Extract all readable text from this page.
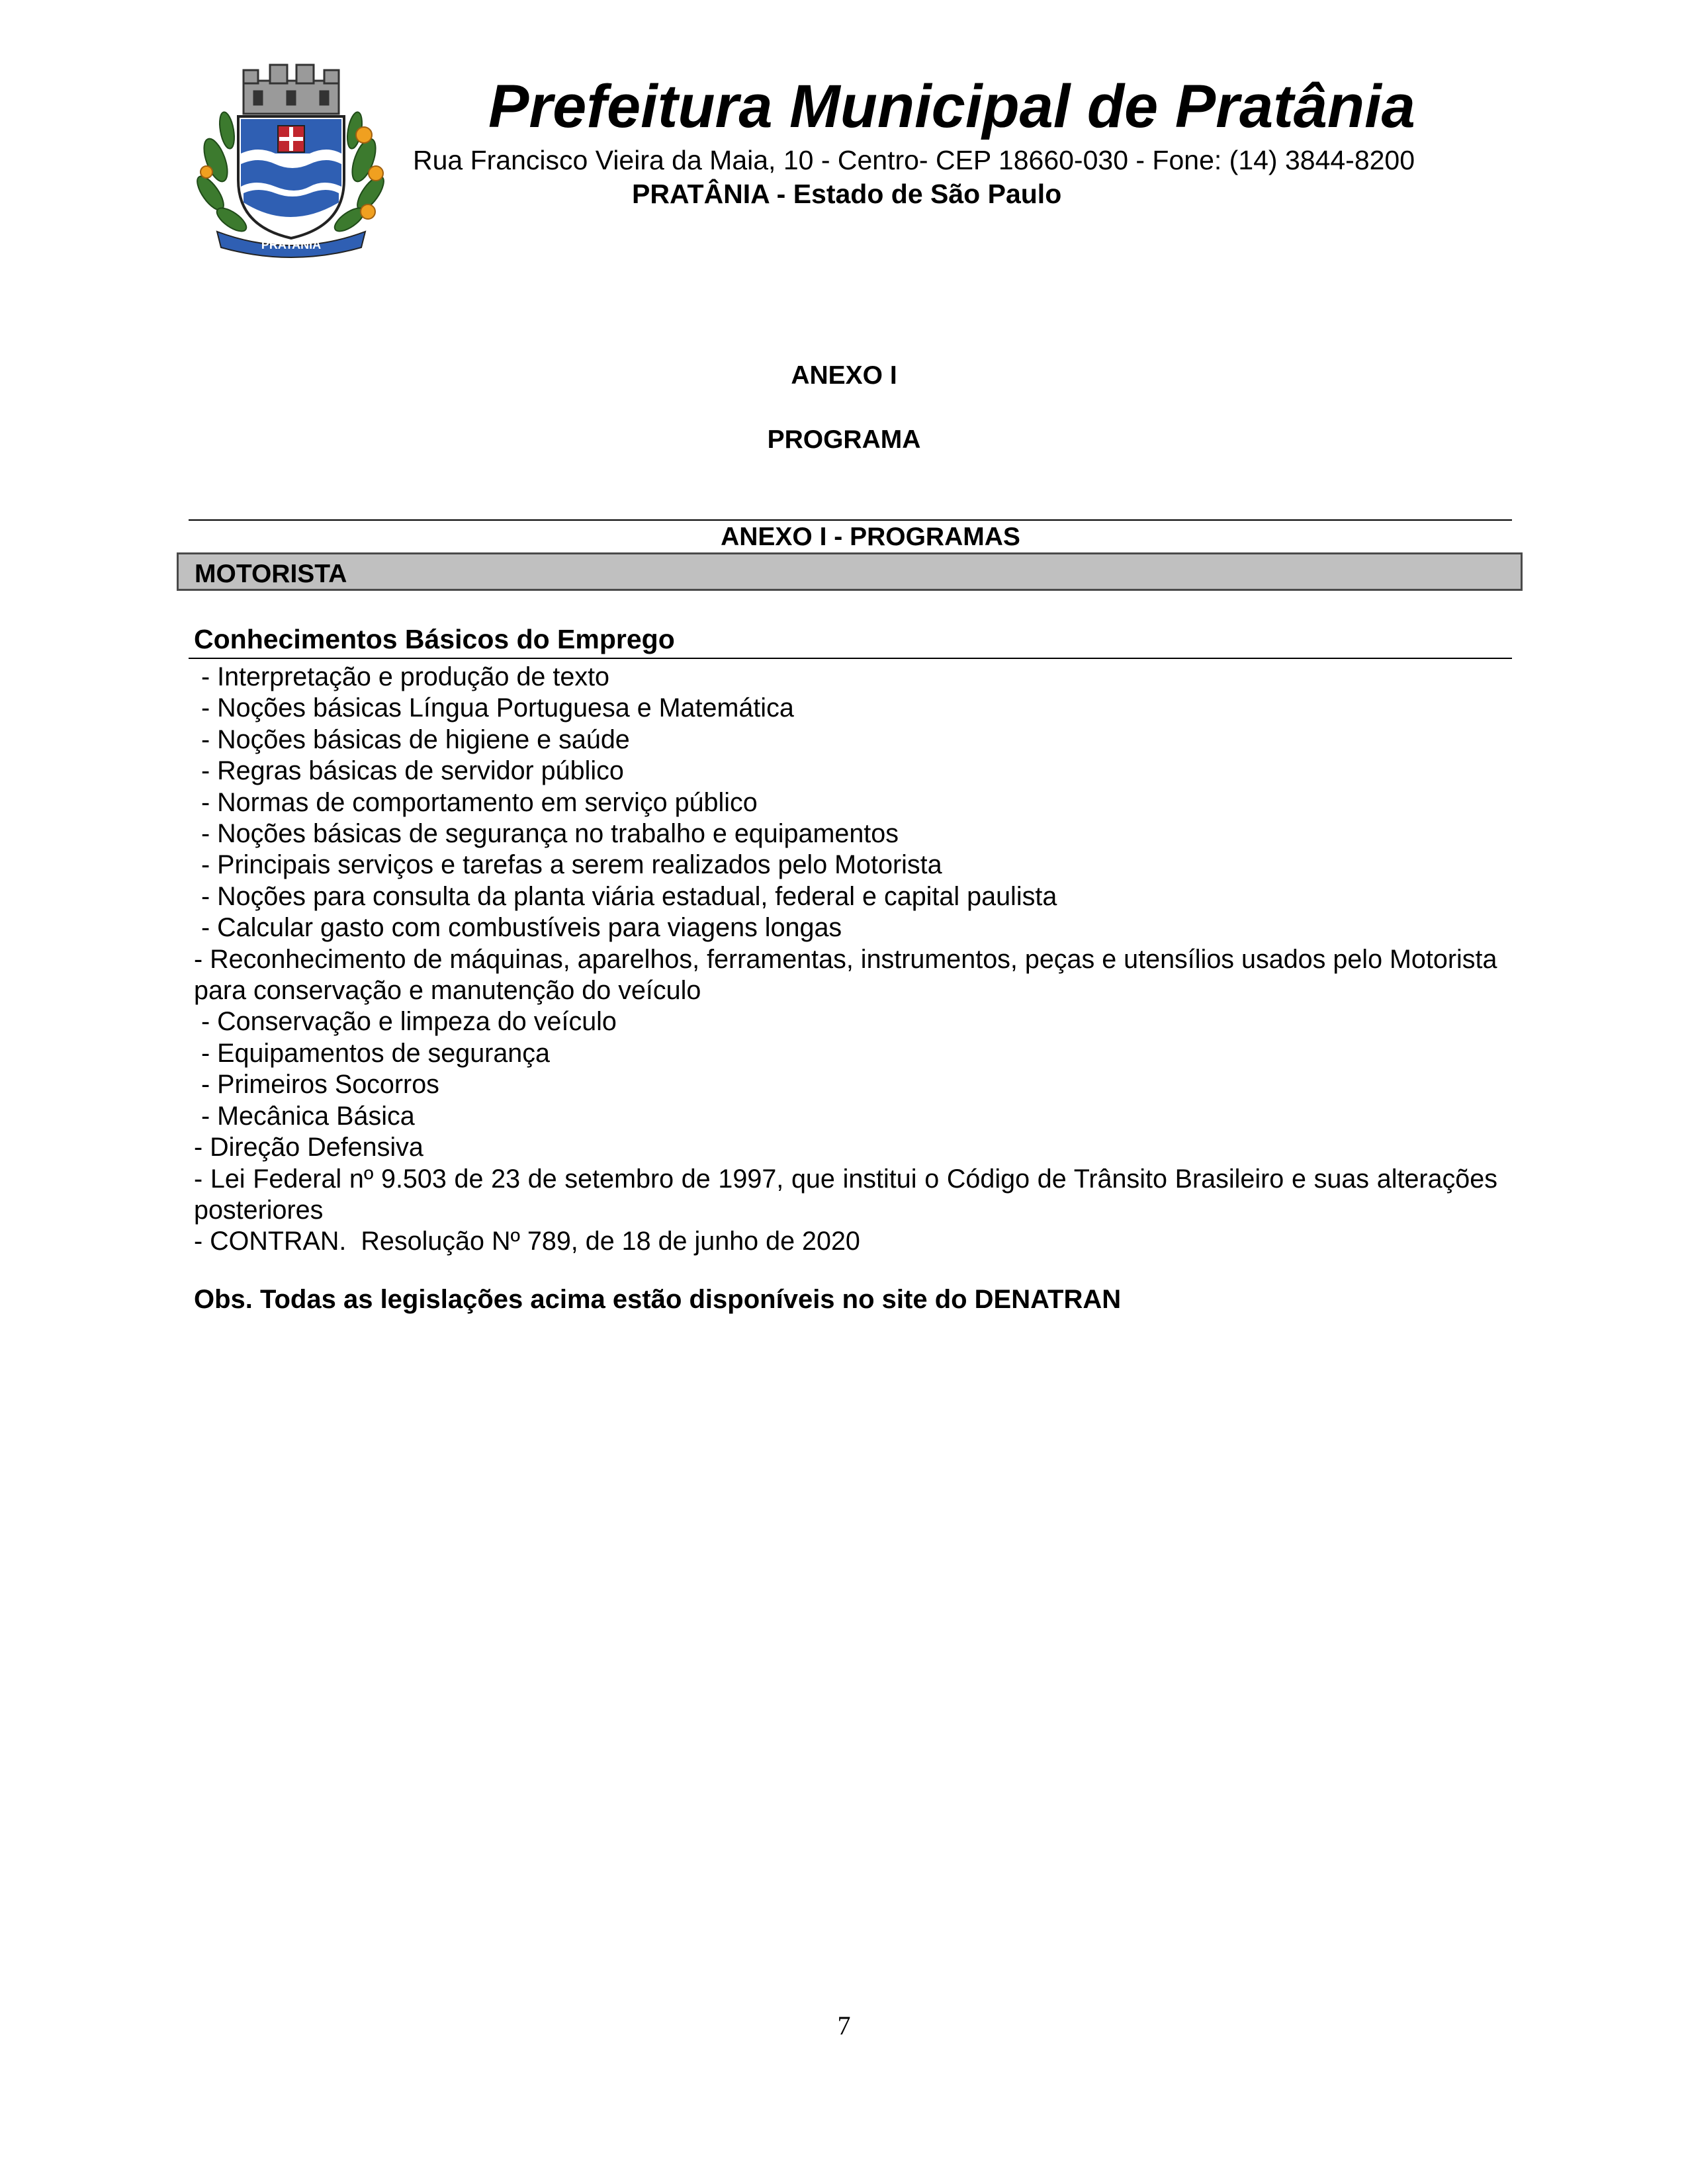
PRATANIA
Prefeitura Municipal de Pratânia
Rua Francisco Vieira da Maia, 10 - Centro- CEP 18660-030 - Fone: (14) 3844-8200
PRATÂNIA - Estado de São Paulo
ANEXO I
PROGRAMA
ANEXO I - PROGRAMAS
MOTORISTA
Conhecimentos Básicos do Emprego
- Interpretação e produção de texto
- Noções básicas Língua Portuguesa e Matemática
- Noções básicas de higiene e saúde
- Regras básicas de servidor público
- Normas de comportamento em serviço público
- Noções básicas de segurança no trabalho e equipamentos
- Principais serviços e tarefas a serem realizados pelo Motorista
- Noções para consulta da planta viária estadual, federal e capital paulista
- Calcular gasto com combustíveis para viagens longas
- Reconhecimento de máquinas, aparelhos, ferramentas, instrumentos, peças e utensílios usados pelo Motorista para conservação e manutenção do veículo
- Conservação e limpeza do veículo
- Equipamentos de segurança
- Primeiros Socorros
- Mecânica Básica
- Direção Defensiva
- Lei Federal nº 9.503 de 23 de setembro de 1997, que institui o Código de Trânsito Brasileiro e suas alterações posteriores
- CONTRAN.  Resolução Nº 789, de 18 de junho de 2020
Obs. Todas as legislações acima estão disponíveis no site do DENATRAN
7
